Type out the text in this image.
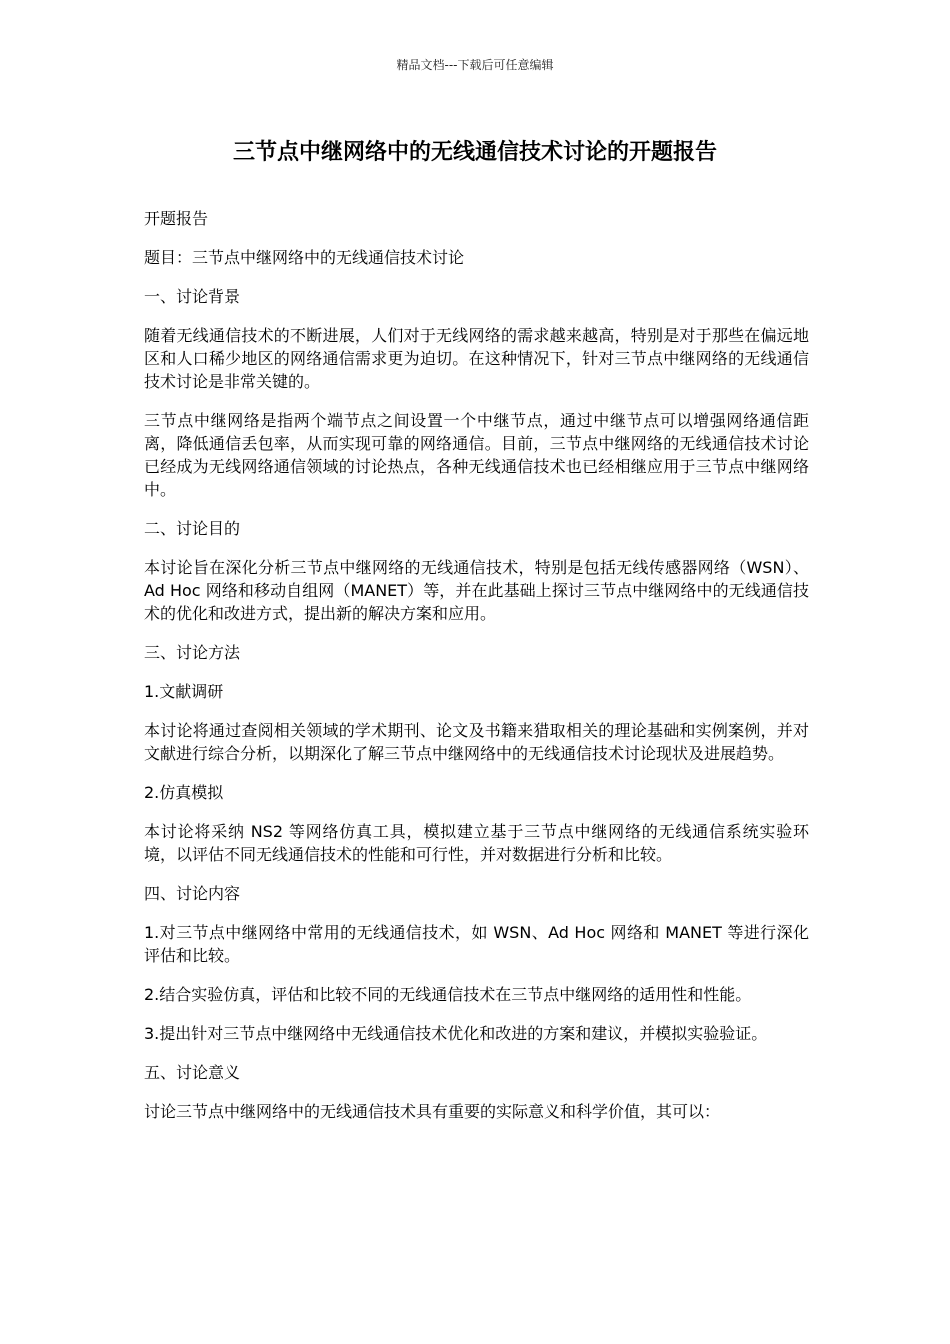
精品文档---下载后可任意编辑
三节点中继网络中的无线通信技术讨论的开题报告

开题报告

题目：三节点中继网络中的无线通信技术讨论

一、讨论背景

随着无线通信技术的不断进展，人们对于无线网络的需求越来越高，特别是对于那些在偏远地区和人口稀少地区的网络通信需求更为迫切。在这种情况下，针对三节点中继网络的无线通信技术讨论是非常关键的。

三节点中继网络是指两个端节点之间设置一个中继节点，通过中继节点可以增强网络通信距离，降低通信丢包率，从而实现可靠的网络通信。目前，三节点中继网络的无线通信技术讨论已经成为无线网络通信领域的讨论热点，各种无线通信技术也已经相继应用于三节点中继网络中。

二、讨论目的

本讨论旨在深化分析三节点中继网络的无线通信技术，特别是包括无线传感器网络（WSN）、Ad Hoc 网络和移动自组网（MANET）等，并在此基础上探讨三节点中继网络中的无线通信技术的优化和改进方式，提出新的解决方案和应用。

三、讨论方法

1.文献调研

本讨论将通过查阅相关领域的学术期刊、论文及书籍来猎取相关的理论基础和实例案例，并对文献进行综合分析，以期深化了解三节点中继网络中的无线通信技术讨论现状及进展趋势。

2.仿真模拟

本讨论将采纳 NS2 等网络仿真工具，模拟建立基于三节点中继网络的无线通信系统实验环境，以评估不同无线通信技术的性能和可行性，并对数据进行分析和比较。

四、讨论内容

1.对三节点中继网络中常用的无线通信技术，如 WSN、Ad Hoc 网络和 MANET 等进行深化评估和比较。

2.结合实验仿真，评估和比较不同的无线通信技术在三节点中继网络的适用性和性能。

3.提出针对三节点中继网络中无线通信技术优化和改进的方案和建议，并模拟实验验证。

五、讨论意义

讨论三节点中继网络中的无线通信技术具有重要的实际意义和科学价值，其可以：
